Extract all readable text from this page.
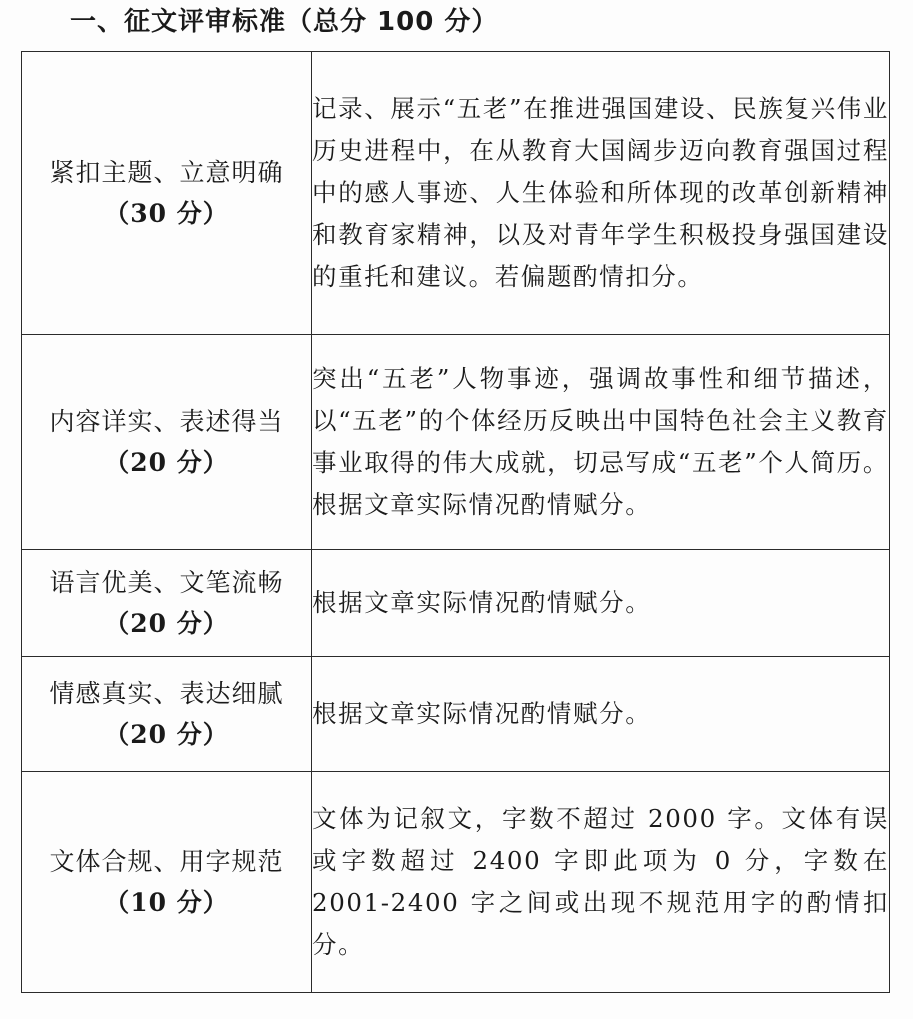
一、征文评审标准（总分 100 分）
紧扣主题、立意明确
（30 分）	记录、展示“五老”在推进强国建设、民族复兴伟业历史进程中，在从教育大国阔步迈向教育强国过程中的感人事迹、人生体验和所体现的改革创新精神和教育家精神，以及对青年学生积极投身强国建设的重托和建议。若偏题酌情扣分。

内容详实、表述得当
（20 分）	突出“五老”人物事迹，强调故事性和细节描述，以“五老”的个体经历反映出中国特色社会主义教育事业取得的伟大成就，切忌写成“五老”个人简历。根据文章实际情况酌情赋分。

语言优美、文笔流畅
（20 分）	根据文章实际情况酌情赋分。

情感真实、表达细腻
（20 分）	根据文章实际情况酌情赋分。

文体合规、用字规范
（10 分）	文体为记叙文，字数不超过 2000 字。文体有误或字数超过 2400 字即此项为 0 分，字数在 2001-2400 字之间或出现不规范用字的酌情扣分。
